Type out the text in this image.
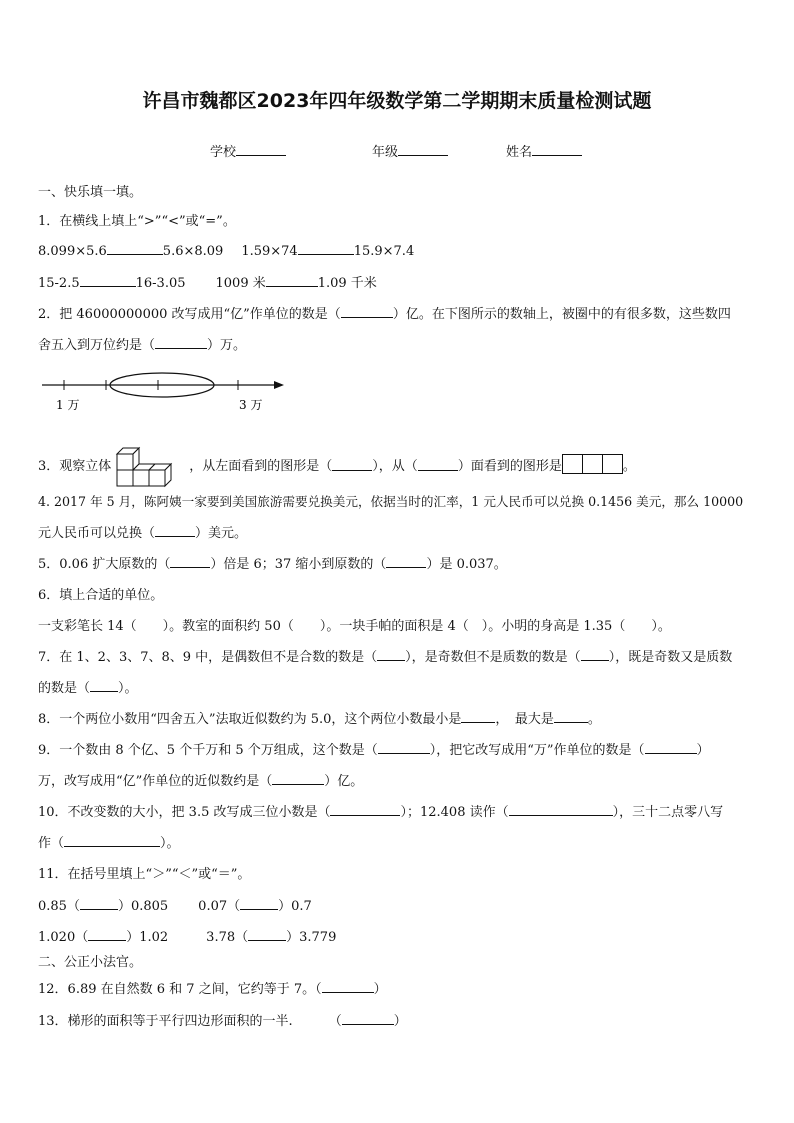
许昌市魏都区2023年四年级数学第二学期期末质量检测试题
学校	年级	姓名
一、快乐填一填。
1．在横线上填上“>”“<”或“=”。
8.099×5.6	5.6×8.09 1.59×74	15.9×7.4
15-2.5	16-3.05 1009 米	1.09 千米
2．把 46000000000 改写成用“亿”作单位的数是（	）亿。在下图所示的数轴上，被圈中的有很多数，这些数四
舍五入到万位约是（	）万。
1 万	3 万
3．观察立体	，从左面看到的图形是（	），从（	）面看到的图形是	。
4. 2017 年 5 月，陈阿姨一家要到美国旅游需要兑换美元，依据当时的汇率，1 元人民币可以兑换 0.1456 美元，那么 10000
元人民币可以兑换（	）美元。
5．0.06 扩大原数的（	）倍是 6；37 缩小到原数的（	）是 0.037。
6．填上合适的单位。
一支彩笔长 14（　　）。教室的面积约 50（　　）。一块手帕的面积是 4（　）。小明的身高是 1.35（　　）。
7．在 1、2、3、7、8、9 中，是偶数但不是合数的数是（ ），是奇数但不是质数的数是（ ），既是奇数又是质数
的数是（ ）。
8．一个两位小数用“四舍五入”法取近似数约为 5.0，这个两位小数最小是	，　最大是	。
9．一个数由 8 个亿、5 个千万和 5 个万组成，这个数是（	），把它改写成用“万”作单位的数是（	）
万，改写成用“亿”作单位的近似数约是（	）亿。
10．不改变数的大小，把 3.5 改写成三位小数是（	）；12.408 读作（	），三十二点零八写
作（	）。
11．在括号里填上“＞”“＜”或“＝”。
0.85（	）0.805 0.07（	）0.7
1.020（	）1.02	3.78（	）3.779
二、公正小法官。
12．6.89 在自然数 6 和 7 之间，它约等于 7。（	）
13．梯形的面积等于平行四边形面积的一半.	（	）
